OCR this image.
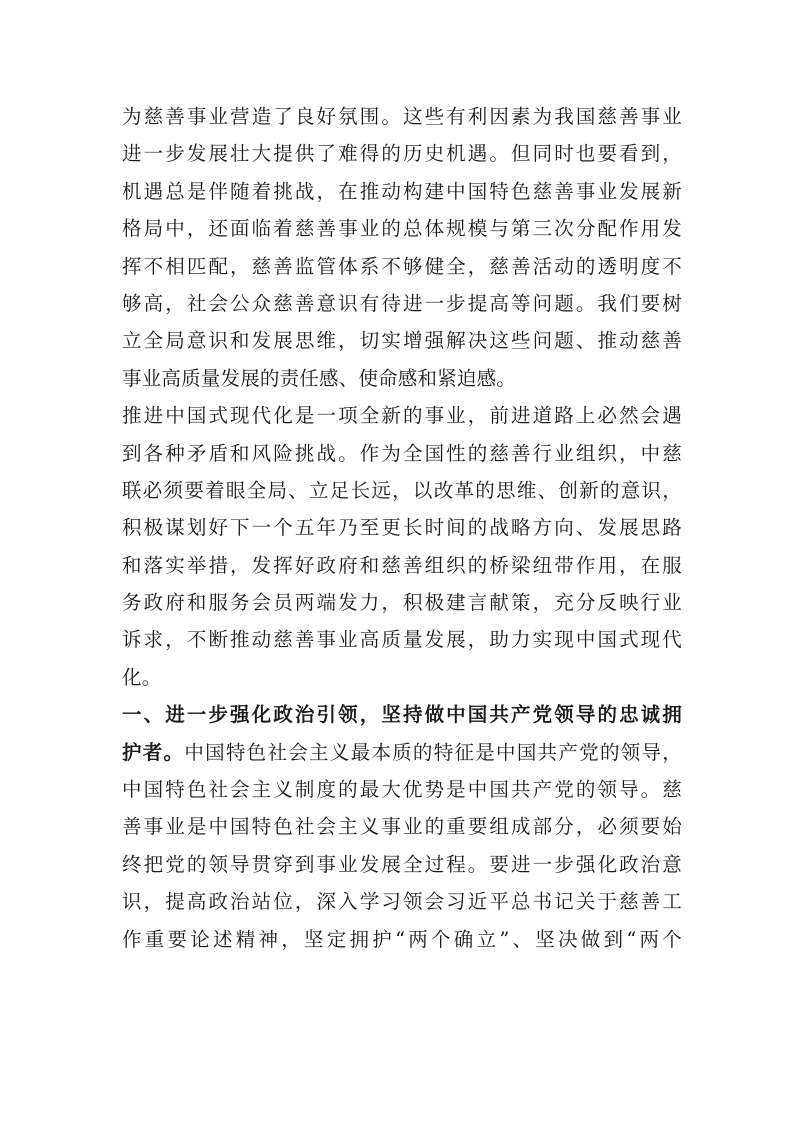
为慈善事业营造了良好氛围。这些有利因素为我国慈善事业
进一步发展壮大提供了难得的历史机遇。但同时也要看到，
机遇总是伴随着挑战，在推动构建中国特色慈善事业发展新
格局中，还面临着慈善事业的总体规模与第三次分配作用发
挥不相匹配，慈善监管体系不够健全，慈善活动的透明度不
够高，社会公众慈善意识有待进一步提高等问题。我们要树
立全局意识和发展思维，切实增强解决这些问题、推动慈善
事业高质量发展的责任感、使命感和紧迫感。
推进中国式现代化是一项全新的事业，前进道路上必然会遇
到各种矛盾和风险挑战。作为全国性的慈善行业组织，中慈
联必须要着眼全局、立足长远，以改革的思维、创新的意识，
积极谋划好下一个五年乃至更长时间的战略方向、发展思路
和落实举措，发挥好政府和慈善组织的桥梁纽带作用，在服
务政府和服务会员两端发力，积极建言献策，充分反映行业
诉求，不断推动慈善事业高质量发展，助力实现中国式现代
化。
一、进一步强化政治引领，坚持做中国共产党领导的忠诚拥
护者。中国特色社会主义最本质的特征是中国共产党的领导，
中国特色社会主义制度的最大优势是中国共产党的领导。慈
善事业是中国特色社会主义事业的重要组成部分，必须要始
终把党的领导贯穿到事业发展全过程。要进一步强化政治意
识，提高政治站位，深入学习领会习近平总书记关于慈善工
作重要论述精神，坚定拥护“两个确立”、坚决做到“两个
